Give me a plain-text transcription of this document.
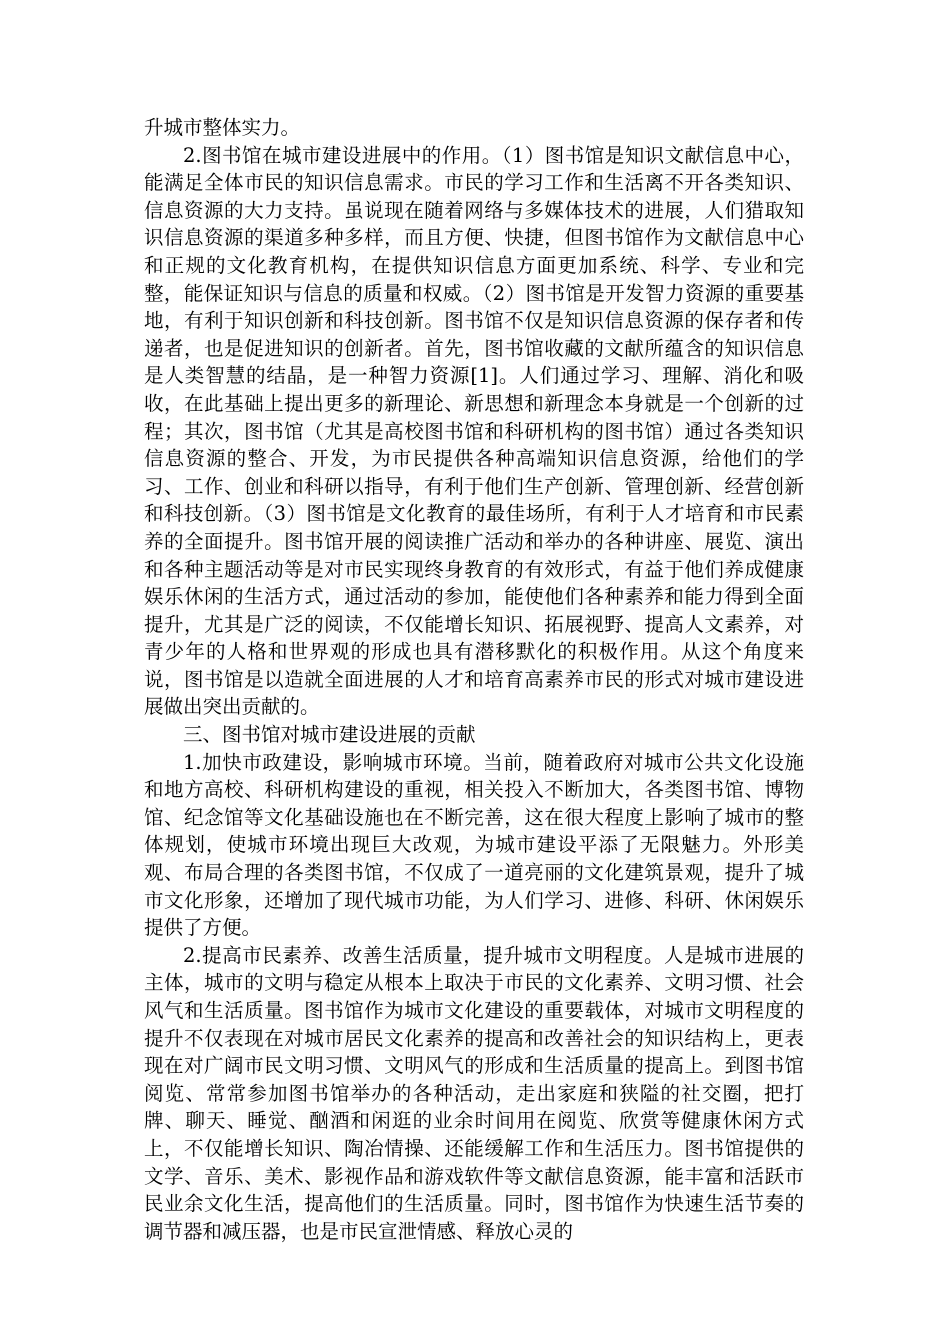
升城市整体实力。

2.图书馆在城市建设进展中的作用。（1）图书馆是知识文献信息中心，能满足全体市民的知识信息需求。市民的学习工作和生活离不开各类知识、信息资源的大力支持。虽说现在随着网络与多媒体技术的进展，人们猎取知识信息资源的渠道多种多样，而且方便、快捷，但图书馆作为文献信息中心和正规的文化教育机构，在提供知识信息方面更加系统、科学、专业和完整，能保证知识与信息的质量和权威。（2）图书馆是开发智力资源的重要基地，有利于知识创新和科技创新。图书馆不仅是知识信息资源的保存者和传递者，也是促进知识的创新者。首先，图书馆收藏的文献所蕴含的知识信息是人类智慧的结晶，是一种智力资源[1]。人们通过学习、理解、消化和吸收，在此基础上提出更多的新理论、新思想和新理念本身就是一个创新的过程；其次，图书馆（尤其是高校图书馆和科研机构的图书馆）通过各类知识信息资源的整合、开发，为市民提供各种高端知识信息资源，给他们的学习、工作、创业和科研以指导，有利于他们生产创新、管理创新、经营创新和科技创新。（3）图书馆是文化教育的最佳场所，有利于人才培育和市民素养的全面提升。图书馆开展的阅读推广活动和举办的各种讲座、展览、演出和各种主题活动等是对市民实现终身教育的有效形式，有益于他们养成健康娱乐休闲的生活方式，通过活动的参加，能使他们各种素养和能力得到全面提升，尤其是广泛的阅读，不仅能增长知识、拓展视野、提高人文素养，对青少年的人格和世界观的形成也具有潜移默化的积极作用。从这个角度来说，图书馆是以造就全面进展的人才和培育高素养市民的形式对城市建设进展做出突出贡献的。

三、图书馆对城市建设进展的贡献

1.加快市政建设，影响城市环境。当前，随着政府对城市公共文化设施和地方高校、科研机构建设的重视，相关投入不断加大，各类图书馆、博物馆、纪念馆等文化基础设施也在不断完善，这在很大程度上影响了城市的整体规划，使城市环境出现巨大改观，为城市建设平添了无限魅力。外形美观、布局合理的各类图书馆，不仅成了一道亮丽的文化建筑景观，提升了城市文化形象，还增加了现代城市功能，为人们学习、进修、科研、休闲娱乐提供了方便。

2.提高市民素养、改善生活质量，提升城市文明程度。人是城市进展的主体，城市的文明与稳定从根本上取决于市民的文化素养、文明习惯、社会风气和生活质量。图书馆作为城市文化建设的重要载体，对城市文明程度的提升不仅表现在对城市居民文化素养的提高和改善社会的知识结构上，更表现在对广阔市民文明习惯、文明风气的形成和生活质量的提高上。到图书馆阅览、常常参加图书馆举办的各种活动，走出家庭和狭隘的社交圈，把打牌、聊天、睡觉、酗酒和闲逛的业余时间用在阅览、欣赏等健康休闲方式上，不仅能增长知识、陶冶情操、还能缓解工作和生活压力。图书馆提供的文学、音乐、美术、影视作品和游戏软件等文献信息资源，能丰富和活跃市民业余文化生活，提高他们的生活质量。同时，图书馆作为快速生活节奏的调节器和减压器，也是市民宣泄情感、释放心灵的
